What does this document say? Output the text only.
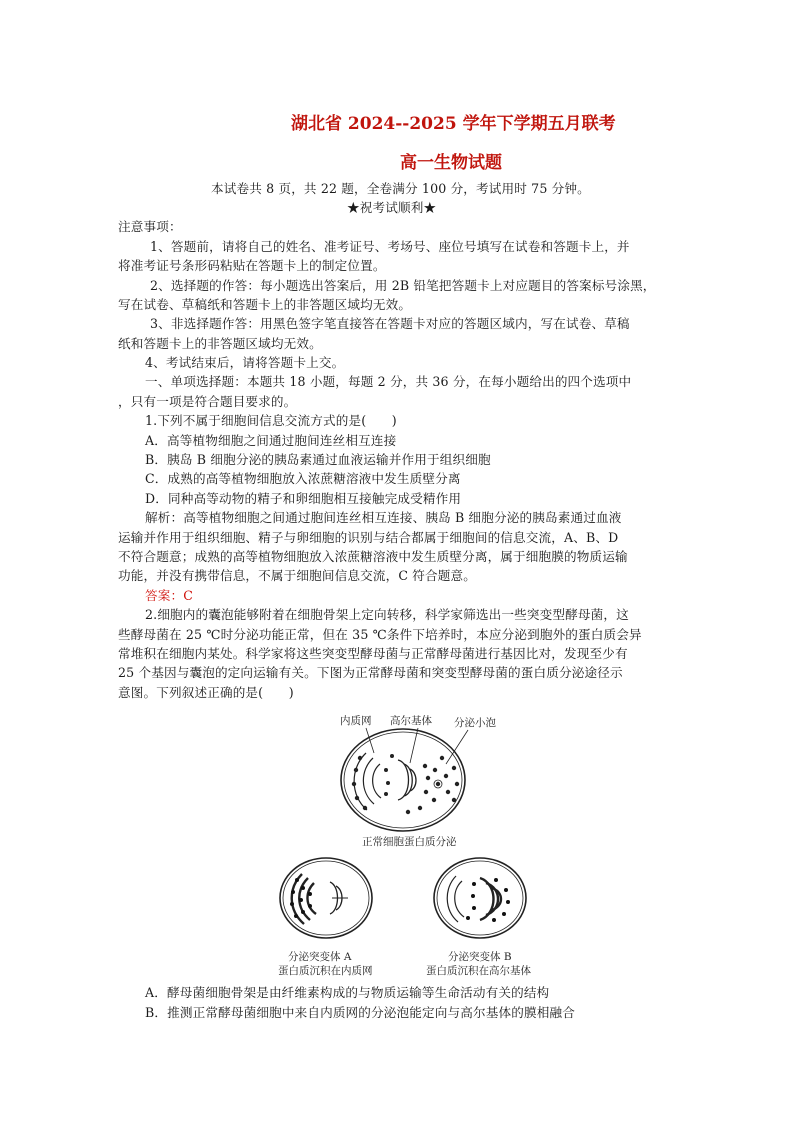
湖北省 2024--2025 学年下学期五月联考
高一生物试题
本试卷共 8 页，共 22 题，全卷满分 100 分，考试用时 75 分钟。
★祝考试顺利★
注意事项：
1、答题前，请将自己的姓名、准考证号、考场号、座位号填写在试卷和答题卡上，并
将准考证号条形码粘贴在答题卡上的制定位置。
2、选择题的作答：每小题选出答案后，用 2B 铅笔把答题卡上对应题目的答案标号涂黑，
写在试卷、草稿纸和答题卡上的非答题区域均无效。
3、非选择题作答：用黑色签字笔直接答在答题卡对应的答题区域内，写在试卷、草稿
纸和答题卡上的非答题区域均无效。
4、考试结束后，请将答题卡上交。
一、单项选择题：本题共 18 小题，每题 2 分，共 36 分，在每小题给出的四个选项中
，只有一项是符合题目要求的。
1.下列不属于细胞间信息交流方式的是(　　)
A．高等植物细胞之间通过胞间连丝相互连接
B．胰岛 B 细胞分泌的胰岛素通过血液运输并作用于组织细胞
C．成熟的高等植物细胞放入浓蔗糖溶液中发生质壁分离
D．同种高等动物的精子和卵细胞相互接触完成受精作用
解析：高等植物细胞之间通过胞间连丝相互连接、胰岛 B 细胞分泌的胰岛素通过血液
运输并作用于组织细胞、精子与卵细胞的识别与结合都属于细胞间的信息交流，A、B、D
不符合题意；成熟的高等植物细胞放入浓蔗糖溶液中发生质壁分离，属于细胞膜的物质运输
功能，并没有携带信息，不属于细胞间信息交流，C 符合题意。
答案：C
2.细胞内的囊泡能够附着在细胞骨架上定向转移，科学家筛选出一些突变型酵母菌，这
些酵母菌在 25 ℃时分泌功能正常，但在 35 ℃条件下培养时，本应分泌到胞外的蛋白质会异
常堆积在细胞内某处。科学家将这些突变型酵母菌与正常酵母菌进行基因比对，发现至少有
25 个基因与囊泡的定向运输有关。下图为正常酵母菌和突变型酵母菌的蛋白质分泌途径示
意图。下列叙述正确的是(　　)
内质网 高尔基体 分泌小泡
正常细胞蛋白质分泌
分泌突变体 A
蛋白质沉积在内质网
分泌突变体 B
蛋白质沉积在高尔基体
A．酵母菌细胞骨架是由纤维素构成的与物质运输等生命活动有关的结构
B．推测正常酵母菌细胞中来自内质网的分泌泡能定向与高尔基体的膜相融合
